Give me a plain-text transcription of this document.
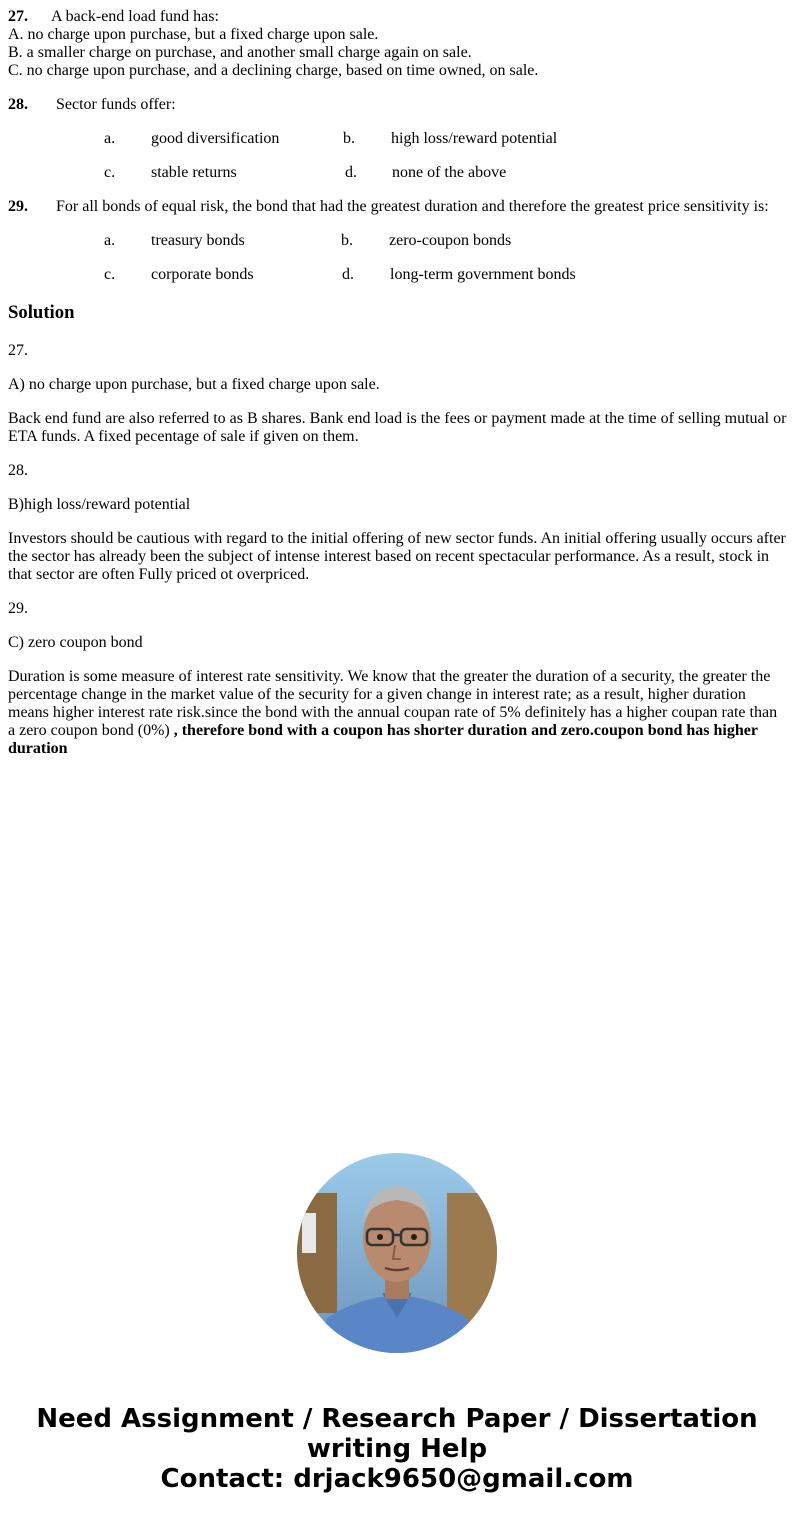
27. A back-end load fund has:
A. no charge upon purchase, but a fixed charge upon sale.
B. a smaller charge on purchase, and another small charge again on sale.
C. no charge upon purchase, and a declining charge, based on time owned, on sale.

28. Sector funds offer:

a. good diversification	b. high loss/reward potential
c. stable returns	d. none of the above

29. For all bonds of equal risk, the bond that had the greatest duration and therefore the greatest price sensitivity is:

a. treasury bonds	b. zero-coupon bonds
c. corporate bonds	d. long-term government bonds
Solution

27.

A) no charge upon purchase, but a fixed charge upon sale.

Back end fund are also referred to as B shares. Bank end load is the fees or payment made at the time of selling mutual or ETA funds. A fixed pecentage of sale if given on them.

28.

B)high loss/reward potential

Investors should be cautious with regard to the initial offering of new sector funds. An initial offering usually occurs after the sector has already been the subject of intense interest based on recent spectacular performance. As a result, stock in that sector are often Fully priced ot overpriced.

29.

C) zero coupon bond

Duration is some measure of interest rate sensitivity. We know that the greater the duration of a security, the greater the percentage change in the market value of the security for a given change in interest rate; as a result, higher duration means higher interest rate risk.since the bond with the annual coupan rate of 5% definitely has a higher coupan rate than a zero coupon bond (0%) , therefore bond with a coupon has shorter duration and zero.coupon bond has higher duration

Need Assignment / Research Paper / Dissertation
writing Help
Contact: drjack9650@gmail.com
